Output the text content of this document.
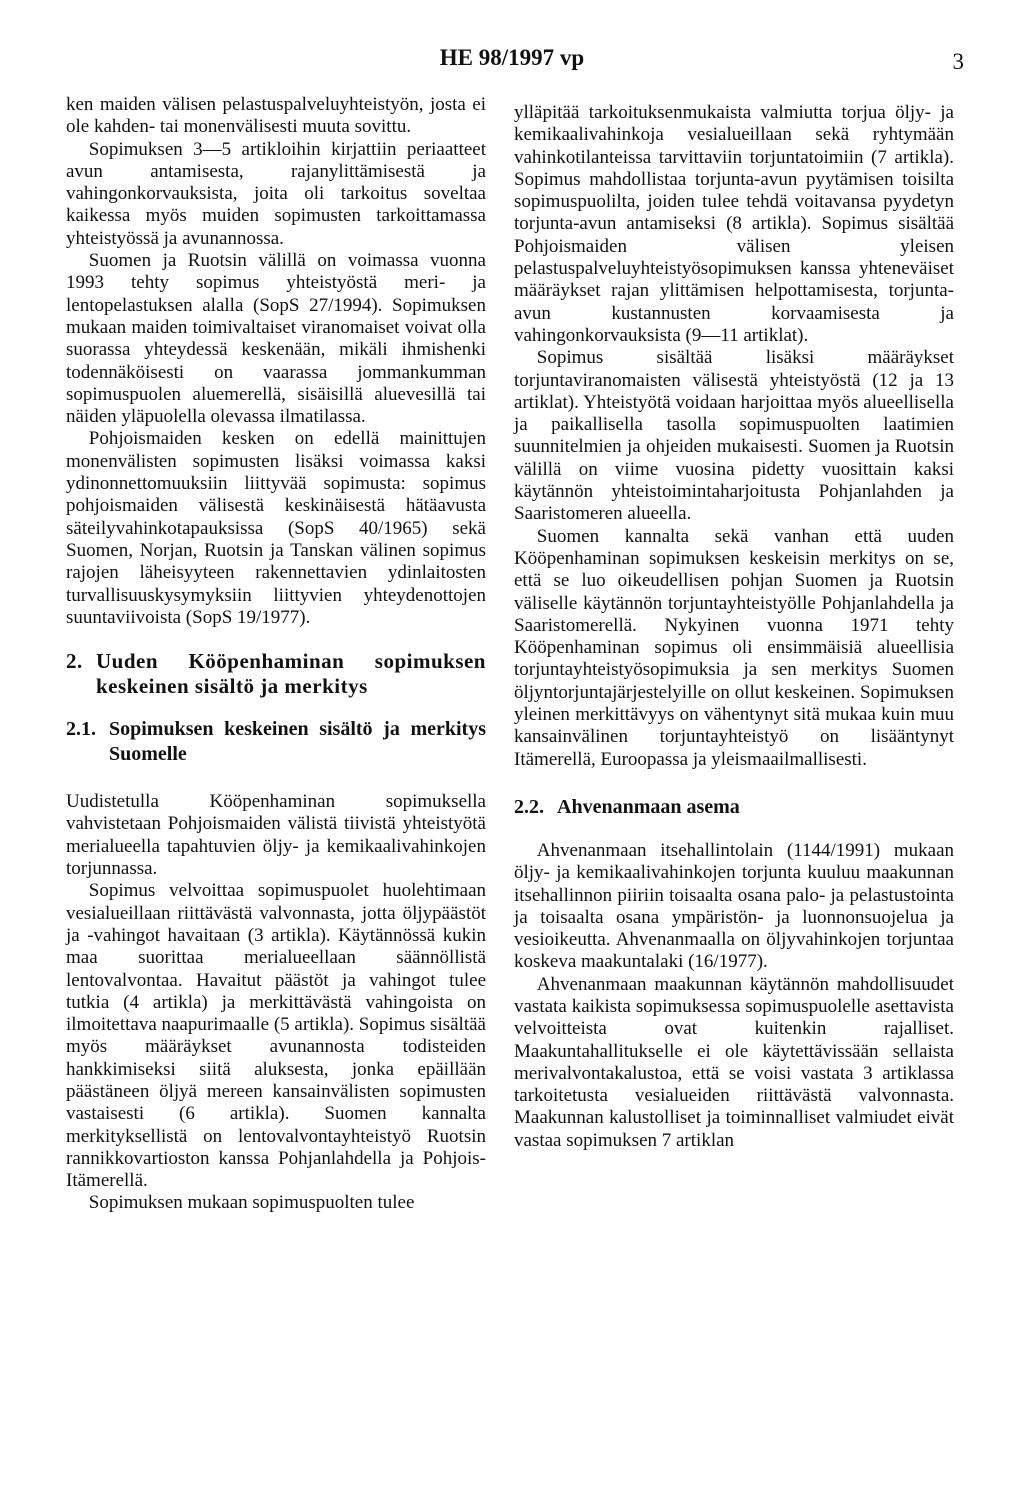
HE 98/1997 vp	3

ken maiden välisen pelastuspalveluyhteistyön, josta ei ole kahden- tai monenvälisesti muuta sovittu.

Sopimuksen 3—5 artikloihin kirjattiin periaatteet avun antamisesta, rajanylittämisestä ja vahingonkorvauksista, joita oli tarkoitus soveltaa kaikessa myös muiden sopimusten tarkoittamassa yhteistyössä ja avunannossa.

Suomen ja Ruotsin välillä on voimassa vuonna 1993 tehty sopimus yhteistyöstä meri- ja lentopelastuksen alalla (SopS 27/1994). Sopimuksen mukaan maiden toimivaltaiset viranomaiset voivat olla suorassa yhteydessä keskenään, mikäli ihmishenki todennäköisesti on vaarassa jommankumman sopimuspuolen aluemerellä, sisäisillä aluevesillä tai näiden yläpuolella olevassa ilmatilassa.

Pohjoismaiden kesken on edellä mainittujen monenvälisten sopimusten lisäksi voimassa kaksi ydinonnettomuuksiin liittyvää sopimusta: sopimus pohjoismaiden välisestä keskinäisestä hätäavusta säteilyvahinkotapauksissa (SopS 40/1965) sekä Suomen, Norjan, Ruotsin ja Tanskan välinen sopimus rajojen läheisyyteen rakennettavien ydinlaitosten turvallisuuskysymyksiin liittyvien yhteydenottojen suuntaviivoista (SopS 19/1977).

2. Uuden Kööpenhaminan sopimuksen keskeinen sisältö ja merkitys
2.1. Sopimuksen keskeinen sisältö ja merkitys Suomelle

Uudistetulla Kööpenhaminan sopimuksella vahvistetaan Pohjoismaiden välistä tiivistä yhteistyötä merialueella tapahtuvien öljy- ja kemikaalivahinkojen torjunnassa.

Sopimus velvoittaa sopimuspuolet huolehtimaan vesialueillaan riittävästä valvonnasta, jotta öljypäästöt ja -vahingot havaitaan (3 artikla). Käytännössä kukin maa suorittaa merialueellaan säännöllistä lentovalvontaa. Havaitut päästöt ja vahingot tulee tutkia (4 artikla) ja merkittävästä vahingoista on ilmoitettava naapurimaalle (5 artikla). Sopimus sisältää myös määräykset avunannosta todisteiden hankkimiseksi siitä aluksesta, jonka epäillään päästäneen öljyä mereen kansainvälisten sopimusten vastaisesti (6 artikla). Suomen kannalta merkityksellistä on lentovalvontayhteistyö Ruotsin rannikkovartioston kanssa Pohjanlahdella ja Pohjois-Itämerellä.

Sopimuksen mukaan sopimuspuolten tulee

ylläpitää tarkoituksenmukaista valmiutta torjua öljy- ja kemikaalivahinkoja vesialueillaan sekä ryhtymään vahinkotilanteissa tarvittaviin torjuntatoimiin (7 artikla). Sopimus mahdollistaa torjunta-avun pyytämisen toisilta sopimuspuolilta, joiden tulee tehdä voitavansa pyydetyn torjunta-avun antamiseksi (8 artikla). Sopimus sisältää Pohjoismaiden välisen yleisen pelastuspalveluyhteistyösopimuksen kanssa yhteneväiset määräykset rajan ylittämisen helpottamisesta, torjunta-avun kustannusten korvaamisesta ja vahingonkorvauksista (9—11 artiklat).

Sopimus sisältää lisäksi määräykset torjuntaviranomaisten välisestä yhteistyöstä (12 ja 13 artiklat). Yhteistyötä voidaan harjoittaa myös alueellisella ja paikallisella tasolla sopimuspuolten laatimien suunnitelmien ja ohjeiden mukaisesti. Suomen ja Ruotsin välillä on viime vuosina pidetty vuosittain kaksi käytännön yhteistoimintaharjoitusta Pohjanlahden ja Saaristomeren alueella.

Suomen kannalta sekä vanhan että uuden Kööpenhaminan sopimuksen keskeisin merkitys on se, että se luo oikeudellisen pohjan Suomen ja Ruotsin väliselle käytännön torjuntayhteistyölle Pohjanlahdella ja Saaristomerellä. Nykyinen vuonna 1971 tehty Kööpenhaminan sopimus oli ensimmäisiä alueellisia torjuntayhteistyösopimuksia ja sen merkitys Suomen öljyntorjuntajärjestelyille on ollut keskeinen. Sopimuksen yleinen merkittävyys on vähentynyt sitä mukaa kuin muu kansainvälinen torjuntayhteistyö on lisääntynyt Itämerellä, Euroopassa ja yleismaailmallisesti.

2.2. Ahvenanmaan asema

Ahvenanmaan itsehallintolain (1144/1991) mukaan öljy- ja kemikaalivahinkojen torjunta kuuluu maakunnan itsehallinnon piiriin toisaalta osana palo- ja pelastustointa ja toisaalta osana ympäristön- ja luonnonsuojelua ja vesioikeutta. Ahvenanmaalla on öljyvahinkojen torjuntaa koskeva maakuntalaki (16/1977).

Ahvenanmaan maakunnan käytännön mahdollisuudet vastata kaikista sopimuksessa sopimuspuolelle asettavista velvoitteista ovat kuitenkin rajalliset. Maakuntahallitukselle ei ole käytettävissään sellaista merivalvontakalustoa, että se voisi vastata 3 artiklassa tarkoitetusta vesialueiden riittävästä valvonnasta. Maakunnan kalustolliset ja toiminnalliset valmiudet eivät vastaa sopimuksen 7 artiklan
